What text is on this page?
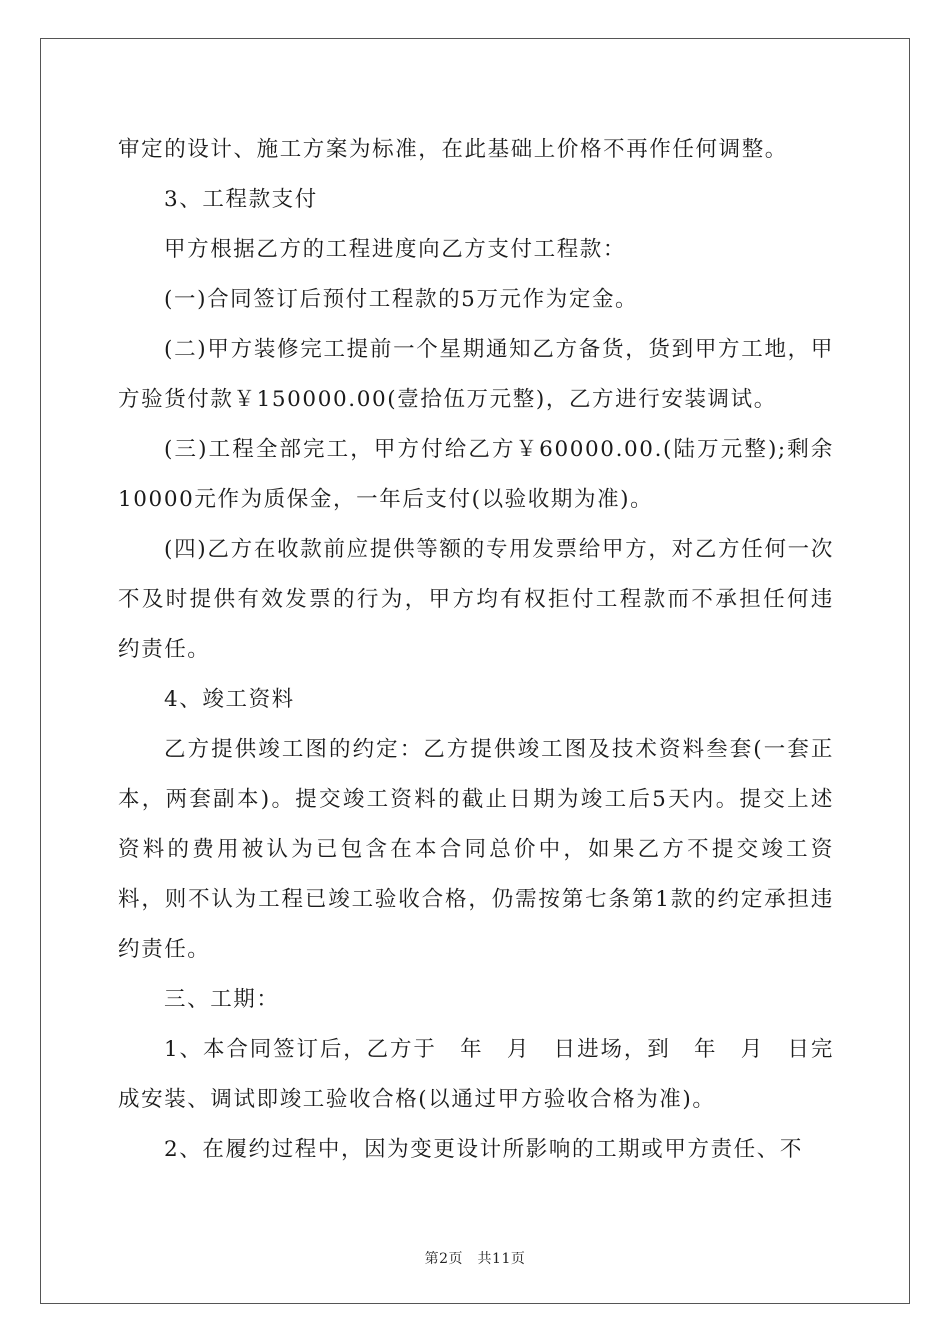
审定的设计、施工方案为标准，在此基础上价格不再作任何调整。

3、工程款支付

甲方根据乙方的工程进度向乙方支付工程款：

(一)合同签订后预付工程款的5万元作为定金。

(二)甲方装修完工提前一个星期通知乙方备货，货到甲方工地，甲方验货付款￥150000.00(壹拾伍万元整)，乙方进行安装调试。

(三)工程全部完工，甲方付给乙方￥60000.00.(陆万元整);剩余10000元作为质保金，一年后支付(以验收期为准)。

(四)乙方在收款前应提供等额的专用发票给甲方，对乙方任何一次不及时提供有效发票的行为，甲方均有权拒付工程款而不承担任何违约责任。

4、竣工资料

乙方提供竣工图的约定：乙方提供竣工图及技术资料叁套(一套正本，两套副本)。提交竣工资料的截止日期为竣工后5天内。提交上述资料的费用被认为已包含在本合同总价中，如果乙方不提交竣工资料，则不认为工程已竣工验收合格，仍需按第七条第1款的约定承担违约责任。

三、工期：

1、本合同签订后，乙方于　年　月　日进场，到　年　月　日完成安装、调试即竣工验收合格(以通过甲方验收合格为准)。

2、在履约过程中，因为变更设计所影响的工期或甲方责任、不

第2页　共11页
